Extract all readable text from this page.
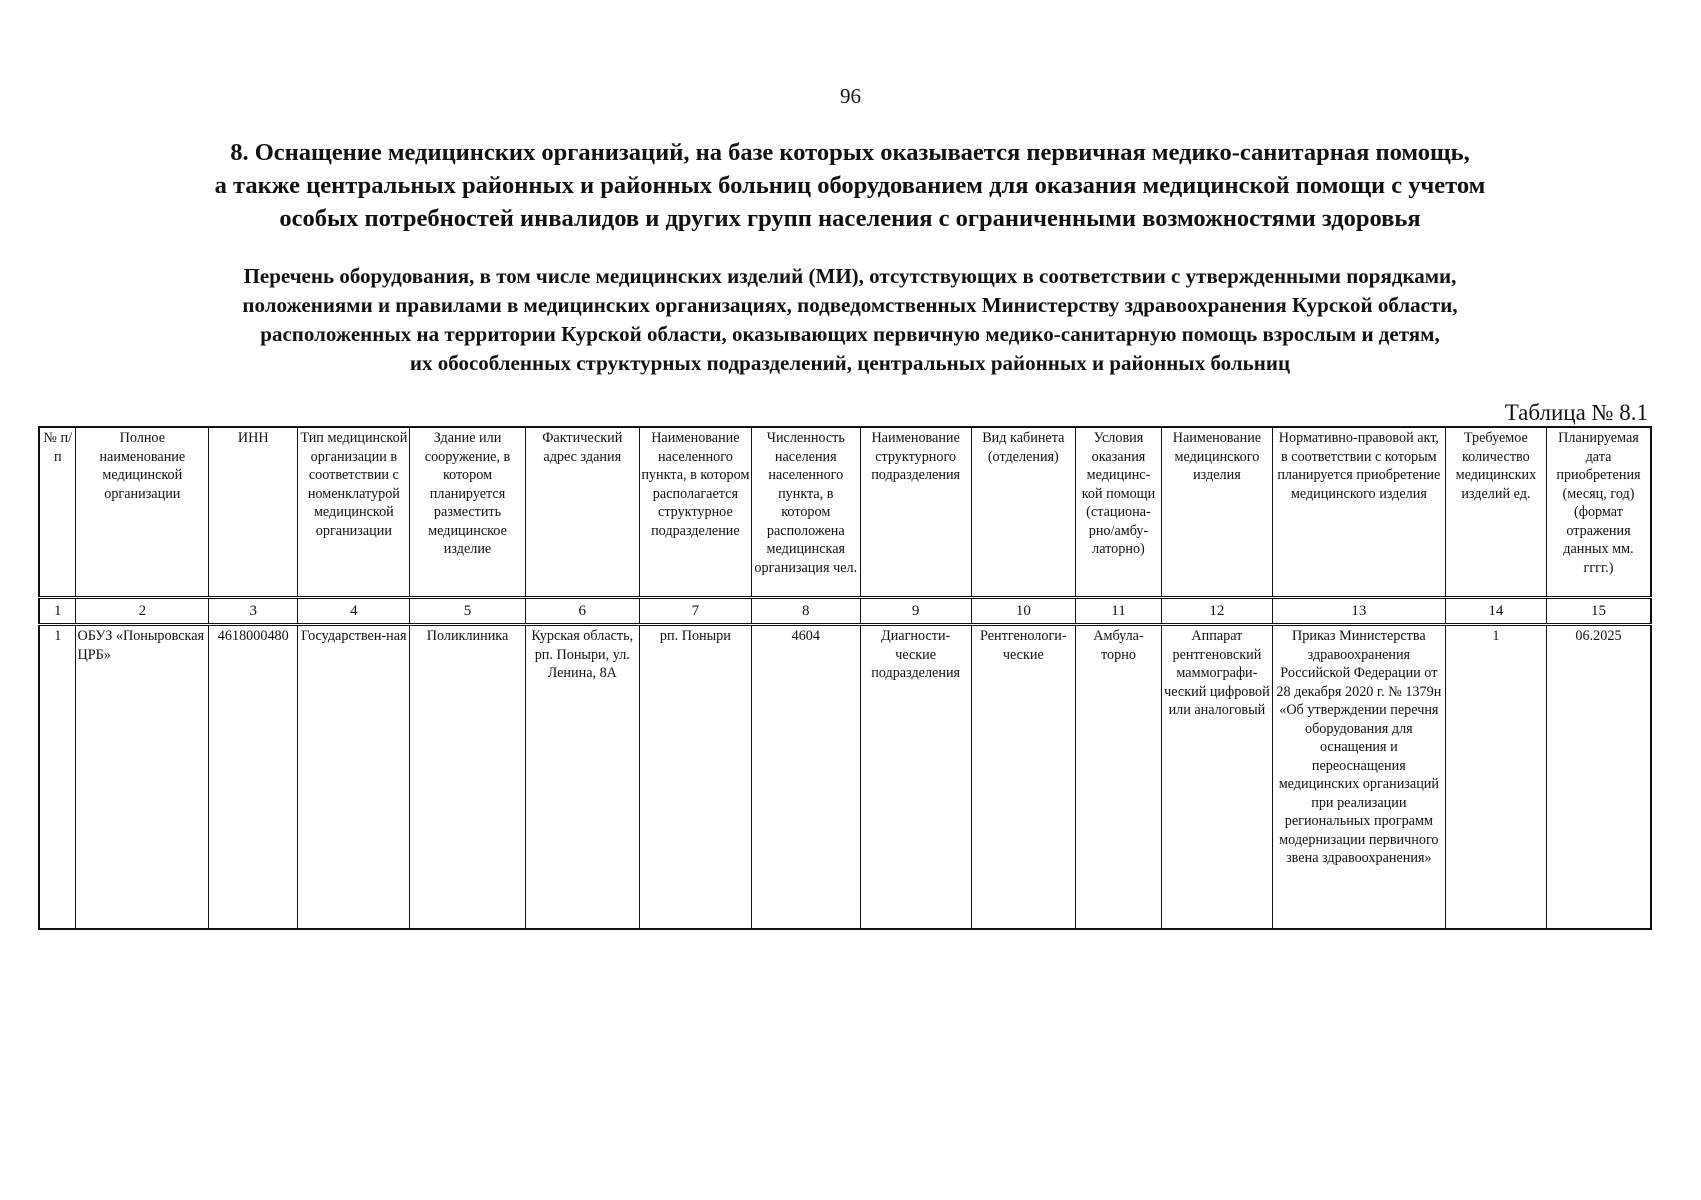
96
8. Оснащение медицинских организаций, на базе которых оказывается первичная медико-санитарная помощь,
а также центральных районных и районных больниц оборудованием для оказания медицинской помощи с учетом
особых потребностей инвалидов и других групп населения с ограниченными возможностями здоровья
Перечень оборудования, в том числе медицинских изделий (МИ), отсутствующих в соответствии с утвержденными порядками,
положениями и правилами в медицинских организациях, подведомственных Министерству здравоохранения Курской области,
расположенных на территории Курской области, оказывающих первичную медико-санитарную помощь взрослым и детям,
их обособленных структурных подразделений, центральных районных и районных больниц
Таблица № 8.1
№ п/п	Полное наименование медицинской организации	ИНН	Тип медицинской организации в соответствии с номенклатурой медицинской организации	Здание или сооружение, в котором планируется разместить медицинское изделие	Фактический адрес здания	Наименование населенного пункта, в котором располагается структурное подразделение	Численность населения населенного пункта, в котором расположена медицинская организация чел.	Наименование структурного подразделения	Вид кабинета (отделения)	Условия оказания медицинс-кой помощи (стациона-рно/амбу-латорно)	Наименование медицинского изделия	Нормативно-правовой акт, в соответствии с которым планируется приобретение медицинского изделия	Требуемое количество медицинских изделий ед.	Планируемая дата приобретения (месяц, год) (формат отражения данных мм. гггг.)
1	2	3	4	5	6	7	8	9	10	11	12	13	14	15
1	ОБУЗ «Поныровская ЦРБ»	4618000480	Государствен-ная	Поликлиника	Курская область, рп. Поныри, ул. Ленина, 8А	рп. Поныри	4604	Диагности-ческие подразделения	Рентгенологи-ческие	Амбула-торно	Аппарат рентгеновский маммографи-ческий цифровой или аналоговый	Приказ Министерства здравоохранения Российской Федерации от 28 декабря 2020 г. № 1379н «Об утверждении перечня оборудования для оснащения и переоснащения медицинских организаций при реализации региональных программ модернизации первичного звена здравоохранения»	1	06.2025
